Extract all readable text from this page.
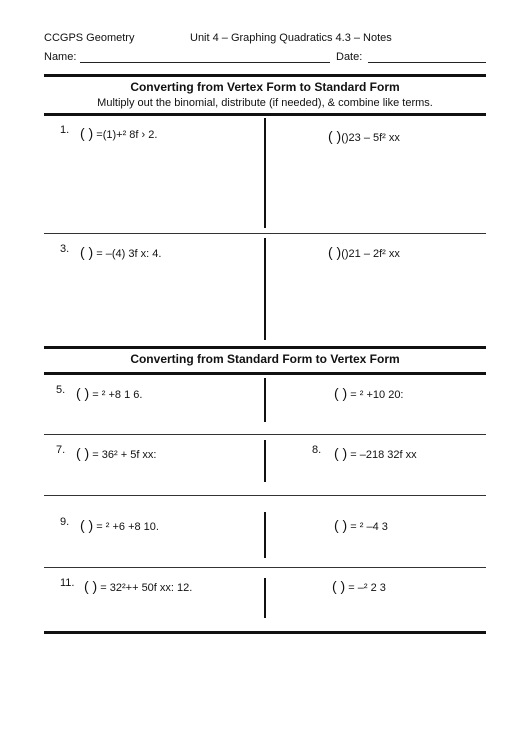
CCGPS Geometry	Unit 4 – Graphing Quadratics 4.3 – Notes
Name:	Date:
Converting from Vertex Form to Standard Form
Multiply out the binomial, distribute (if needed), & combine like terms.
1. ( ) =(1)+² 8f › 2.	( )()23 – 5f² xx
3. ( ) = –(4) 3f x: 4.	( )()21 – 2f² xx
Converting from Standard Form to Vertex Form
5. ( ) = ² +8 1 6.	( ) = ² +10 20:
7. ( ) = 36² + 5f xx:	8. ( ) = –218 32f xx
9. ( ) = ² +6 +8 10.	( ) = ² –4 3
11. ( ) = 32²++ 50f xx: 12.	( ) = –² 2 3
